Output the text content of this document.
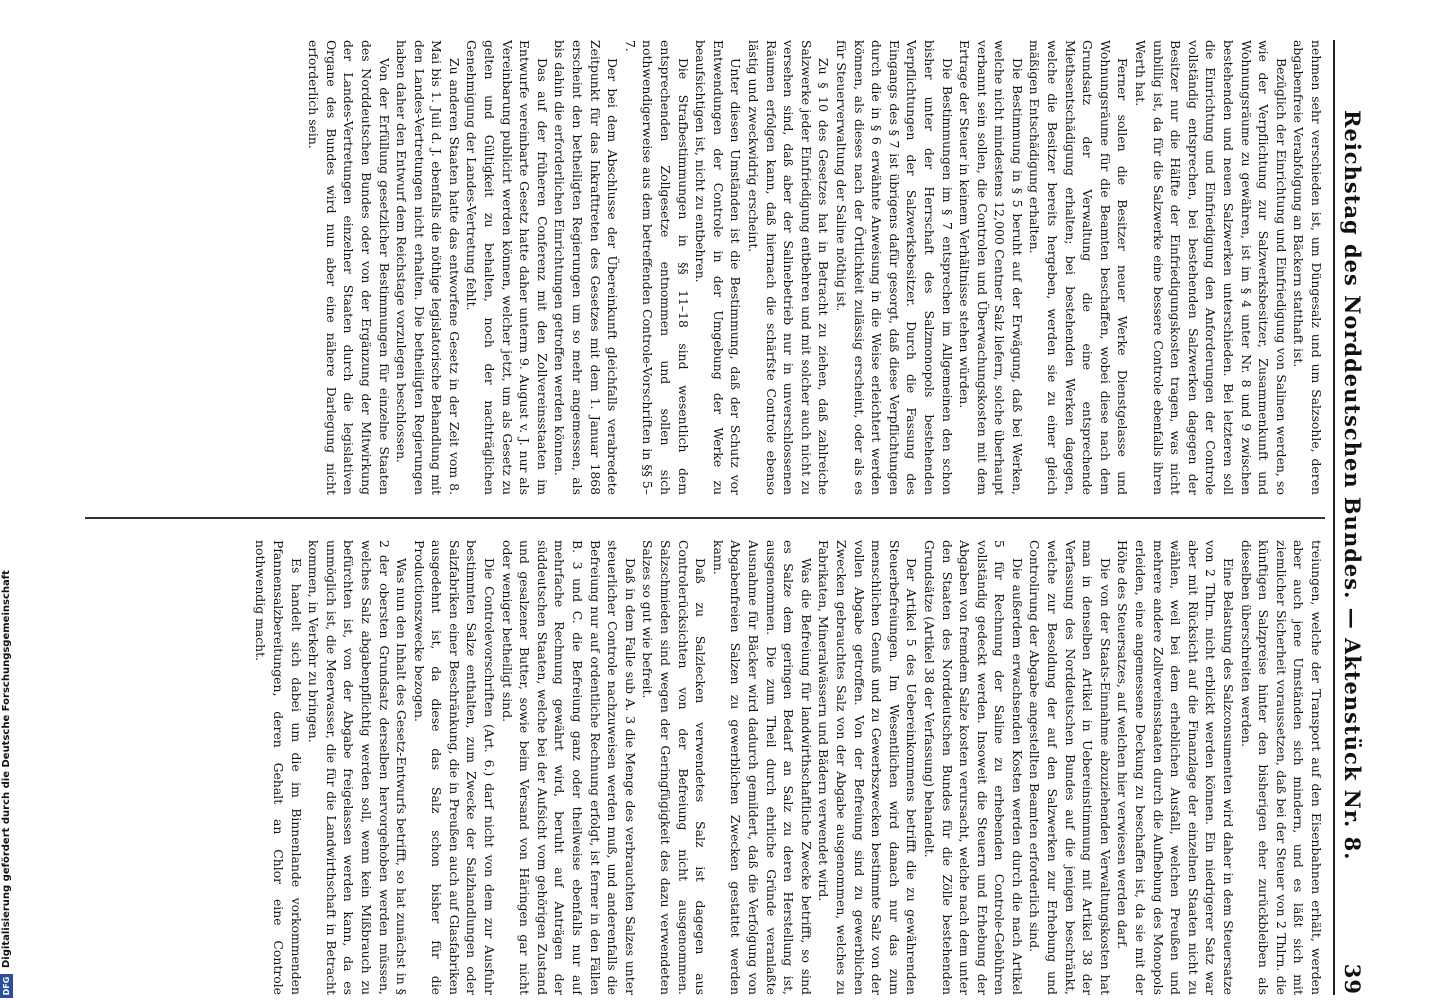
Reichstag des Norddeutschen Bundes. — Aktenstück Nr. 8.
39

nehmen sehr verschieden ist, um Düngesalz und um Salzsohle, deren abgabenfreie Verabfolgung an Bäckern statthaft ist.

Bezüglich der Einrichtung und Einfriedigung von Salinen werden, so wie der Verpflichtung zur Salzwerksbesitzer, Zusammenkunft und Wohnungsräume zu gewähren, ist im § 4 unter Nr. 8 und 9 zwischen bestehenden und neuen Salzwerken unterschieden. Bei letzteren soll die Einrichtung und Einfriedigung den Anforderungen der Controle vollständig entsprechen, bei bestehenden Salzwerken dagegen der Besitzer nur die Hälfte der Einfriedigungskosten tragen, was nicht unbillig ist, da für die Salzwerke eine bessere Controle ebenfalls ihren Werth hat.

Ferner sollen die Besitzer neuer Werke Dienstgelasse und Wohnungsräume für die Beamten beschaffen, wobei diese nach dem Grundsatz der Verwaltung die eine entsprechende Miethsentschädigung erhalten; bei bestehenden Werken dagegen, welche die Besitzer bereits hergeben, werden sie zu einer gleich mäßigen Entschädigung erhalten.

Die Bestimmung in § 5 beruht auf der Erwägung, daß bei Werken, welche nicht mindestens 12,000 Centner Salz liefern, solche überhaupt verbannt sein sollen, die Controlen und Überwachungskosten mit dem Ertrage der Steuer in keinem Verhältnisse stehen würden.

Die Bestimmungen im § 7 entsprechen im Allgemeinen den schon bisher unter der Herrschaft des Salzmonopols bestehenden Verpflichtungen der Salzwerksbesitzer. Durch die Fassung des Eingangs des § 7 ist übrigens dafür gesorgt, daß diese Verpflichtungen durch die in § 6 erwähnte Anweisung in die Weise erleichtert werden können, als dieses nach der Örtlichkeit zulässig erscheint, oder als es für Steuerverwaltung der Saline nöthig ist.

Zu § 10 des Gesetzes hat in Betracht zu ziehen, daß zahlreiche Salzwerke jeder Einfriedigung entbehren und mit solcher auch nicht zu versehen sind, daß aber der Salinebetrieb nur in unverschlossenen Räumen erfolgen kann, daß hiernach die schärfste Controle ebenso lästig und zweckwidrig erscheint.

Unter diesen Umständen ist die Bestimmung, daß der Schutz vor Entwendungen der Controle in der Umgebung der Werke zu beaufsichtigen ist, nicht zu entbehren.

Die Strafbestimmungen in §§ 11–18 sind wesentlich dem entsprechenden Zollgesetze entnommen und sollen sich nothwendigerweise aus dem betreffenden Controle-Vorschriften in §§ 5–7.

Der bei dem Abschlusse der Übereinkunft gleichfalls verabredete Zeitpunkt für das Inkrafttreten des Gesetzes mit dem 1. Januar 1868 erscheint den betheiligten Regierungen um so mehr angemessen, als bis dahin die erforderlichen Einrichtungen getroffen werden können.

Das auf der früheren Conferenz mit den Zollvereinsstaaten im Entwurfe vereinbarte Gesetz hatte daher unterm 9. August v. J. nur als Vereinbarung publicirt werden können, welcher jetzt, um als Gesetz zu gelten und Gültigkeit zu behalten, noch der nachträglichen Genehmigung der Landes-Vertretung fehlt.

Zu anderen Staaten hatte das entworfene Gesetz in der Zeit vom 8. Mai bis 1. Juli d. J. ebenfalls die nöthige legislatorische Behandlung mit den Landes-Vertretungen nicht erhalten. Die betheiligten Regierungen haben daher den Entwurf dem Reichstage vorzulegen beschlossen.

Von der Erfüllung gesetzlicher Bestimmungen für einzelne Staaten des Norddeutschen Bundes oder von der Ergänzung der Mitwirkung der Landes-Vertretungen einzelner Staaten durch die legislativen Organe des Bundes wird nun aber eine nähere Darlegung nicht erforderlich sein.

treiungen, welche der Transport auf den Eisenbahnen erhält, werden aber auch jene Umständen sich mindern, und es läßt sich mit ziemlicher Sicherheit voraussetzen, daß bei der Steuer von 2 Thlrn. die künftigen Salzpreise hinter den bisherigen eher zurückbleiben als dieselben überschreiten werden.

Eine Belastung des Salzconsumenten wird daher in dem Steuersatze von 2 Thlrn. nicht erblickt werden können. Ein niedrigerer Satz war aber mit Rücksicht auf die Finanzlage der einzelnen Staaten nicht zu wählen, weil bei dem erheblichen Ausfall, welchen Preußen und mehrere andere Zollvereinsstaaten durch die Aufhebung des Monopols erleiden, eine angemessene Deckung zu beschaffen ist, da sie mit der Höhe des Steuersatzes, auf welchen hier verwiesen werden darf.

Die von der Staats-Einnahme abzuziehenden Verwaltungskosten hat man in denselben Artikel in Uebereinstimmung mit Artikel 38 der Verfassung des Norddeutschen Bundes auf die jenigen beschränkt, welche zur Besoldung der auf den Salzwerken zur Erhebung und Controlirung der Abgabe angestellten Beamten erforderlich sind.

Die außerdem erwachsenden Kosten werden durch die nach Artikel 5 für Rechnung der Saline zu erhebenden Controle-Gebühren vollständig gedeckt werden. Insoweit die Steuern und Erhebung der Abgaben von fremdem Salze kosten verursacht, welche nach dem unter den Staaten des Norddeutschen Bundes für die Zölle bestehenden Grundsätze (Artikel 38 der Verfassung) behandelt.

Der Artikel 5 des Uebereinkommens betrifft die zu gewährenden Steuerbefreiungen. Im Wesentlichen wird danach nur das zum menschlichen Genuß und zu Gewerbszwecken bestimmte Salz von der vollen Abgabe getroffen. Von der Befreiung sind zu gewerblichen Zwecken gebrauchtes Salz von der Abgabe ausgenommen, welches zu Fabrikaten, Mineralwässern und Bädern verwendet wird.

Was die Befreiung für landwirthschaftliche Zwecke betrifft, so sind es Salze dem geringen Bedarf an Salz zu deren Herstellung ist, ausgenommen. Die zum Theil durch ehrliche Gründe veranlaßte Ausnahme für Bäcker wird dadurch gemildert, daß die Verfolgung von Abgabenfreien Salzen zu gewerblichen Zwecken gestattet werden kann.

Daß zu Salzlecken verwendetes Salz ist dagegen aus Controlerücksichten von der Befreiung nicht ausgenommen. Salzschmieden sind wegen der Geringfügigkeit des dazu verwendeten Salzes so gut wie befreit.

Daß in dem Falle sub A. 3 die Menge des verbrauchten Salzes unter steuerlicher Controle nachzuweisen werden muß, und anderenfalls die Befreiung nur auf ordentliche Rechnung erfolgt, ist ferner in den Fällen B. 3 und C. die Befreiung ganz oder theilweise ebenfalls nur auf mehrfache Rechnung gewährt wird, beruht auf Anträgen der süddeutschen Staaten, welche bei der Aufsicht vom gehörigen Zustand und gesalzener Butter, sowie beim Versand von Häringen gar nicht oder weniger betheiligt sind.

Die Controlevorschriften (Art. 6.) darf nicht von dem zur Ausfuhr bestimmten Salze enthalten, zum Zwecke der Salzhandlungen oder Salzfabriken einer Beschränkung, die in Preußen auch auf Glasfabriken ausgedehnt ist, da diese das Salz schon bisher für die Productionszwecke bezogen.

Was nun den Inhalt des Gesetz-Entwurfs betrifft, so hat zunächst in § 2 der obersten Grundsatz derselben hervorgehoben werden müssen, welches Salz abgabenpflichtig werden soll, wenn kein Mißbrauch zu befürchten ist, von der Abgabe freigelassen werden kann, da es unmöglich ist, die Meerwasser, die für die Landwirthschaft in Betracht kommen, in Verkehr zu bringen.

Es handelt sich dabei um die im Binnenlande vorkommenden Pfannensalzbereitungen, deren Gehalt an Chlor eine Controle nothwendig macht.

DFG
Digitalisierung gefördert durch die Deutsche Forschungsgemeinschaft
